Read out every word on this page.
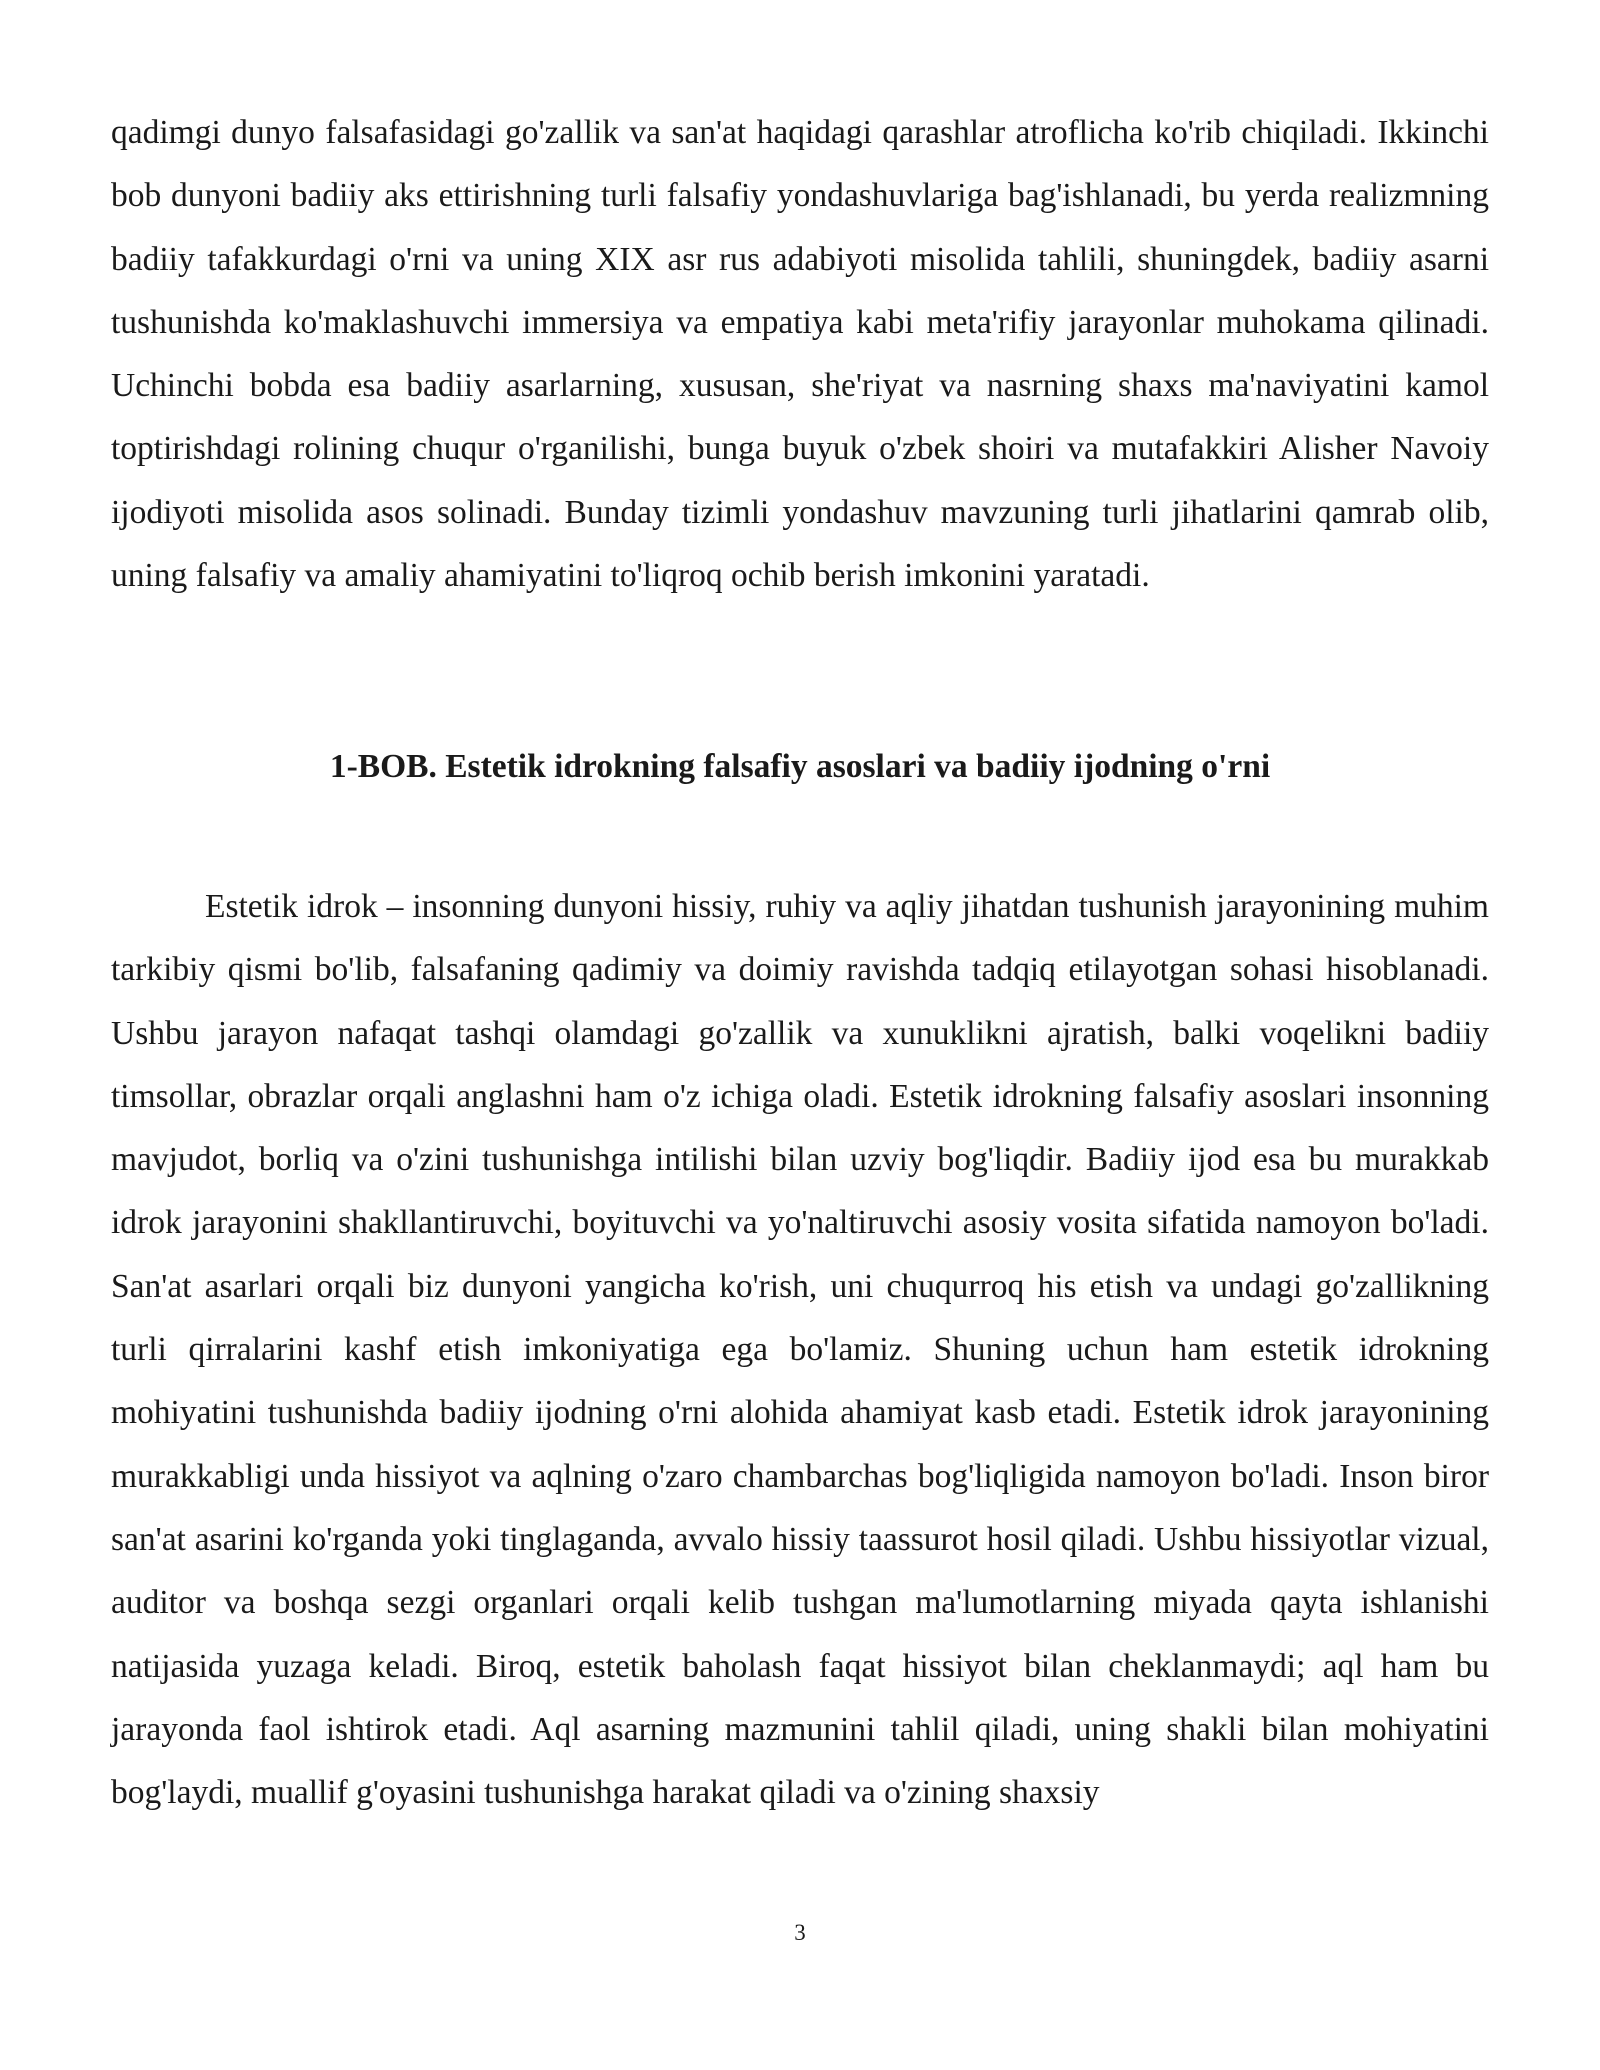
qadimgi dunyo falsafasidagi go'zallik va san'at haqidagi qarashlar atroflicha ko'rib chiqiladi. Ikkinchi bob dunyoni badiiy aks ettirishning turli falsafiy yondashuvlariga bag'ishlanadi, bu yerda realizmning badiiy tafakkurdagi o'rni va uning XIX asr rus adabiyoti misolida tahlili, shuningdek, badiiy asarni tushunishda ko'maklashuvchi immersiya va empatiya kabi meta'rifiy jarayonlar muhokama qilinadi. Uchinchi bobda esa badiiy asarlarning, xususan, she'riyat va nasrning shaxs ma'naviyatini kamol toptirishdagi rolining chuqur o'rganilishi, bunga buyuk o'zbek shoiri va mutafakkiri Alisher Navoiy ijodiyoti misolida asos solinadi. Bunday tizimli yondashuv mavzuning turli jihatlarini qamrab olib, uning falsafiy va amaliy ahamiyatini to'liqroq ochib berish imkonini yaratadi.

1-BOB. Estetik idrokning falsafiy asoslari va badiiy ijodning o'rni

Estetik idrok – insonning dunyoni hissiy, ruhiy va aqliy jihatdan tushunish jarayonining muhim tarkibiy qismi bo'lib, falsafaning qadimiy va doimiy ravishda tadqiq etilayotgan sohasi hisoblanadi. Ushbu jarayon nafaqat tashqi olamdagi go'zallik va xunuklikni ajratish, balki voqelikni badiiy timsollar, obrazlar orqali anglashni ham o'z ichiga oladi. Estetik idrokning falsafiy asoslari insonning mavjudot, borliq va o'zini tushunishga intilishi bilan uzviy bog'liqdir. Badiiy ijod esa bu murakkab idrok jarayonini shakllantiruvchi, boyituvchi va yo'naltiruvchi asosiy vosita sifatida namoyon bo'ladi. San'at asarlari orqali biz dunyoni yangicha ko'rish, uni chuqurroq his etish va undagi go'zallikning turli qirralarini kashf etish imkoniyatiga ega bo'lamiz. Shuning uchun ham estetik idrokning mohiyatini tushunishda badiiy ijodning o'rni alohida ahamiyat kasb etadi. Estetik idrok jarayonining murakkabligi unda hissiyot va aqlning o'zaro chambarchas bog'liqligida namoyon bo'ladi. Inson biror san'at asarini ko'rganda yoki tinglaganda, avvalo hissiy taassurot hosil qiladi. Ushbu hissiyotlar vizual, auditor va boshqa sezgi organlari orqali kelib tushgan ma'lumotlarning miyada qayta ishlanishi natijasida yuzaga keladi. Biroq, estetik baholash faqat hissiyot bilan cheklanmaydi; aql ham bu jarayonda faol ishtirok etadi. Aql asarning mazmunini tahlil qiladi, uning shakli bilan mohiyatini bog'laydi, muallif g'oyasini tushunishga harakat qiladi va o'zining shaxsiy

3
